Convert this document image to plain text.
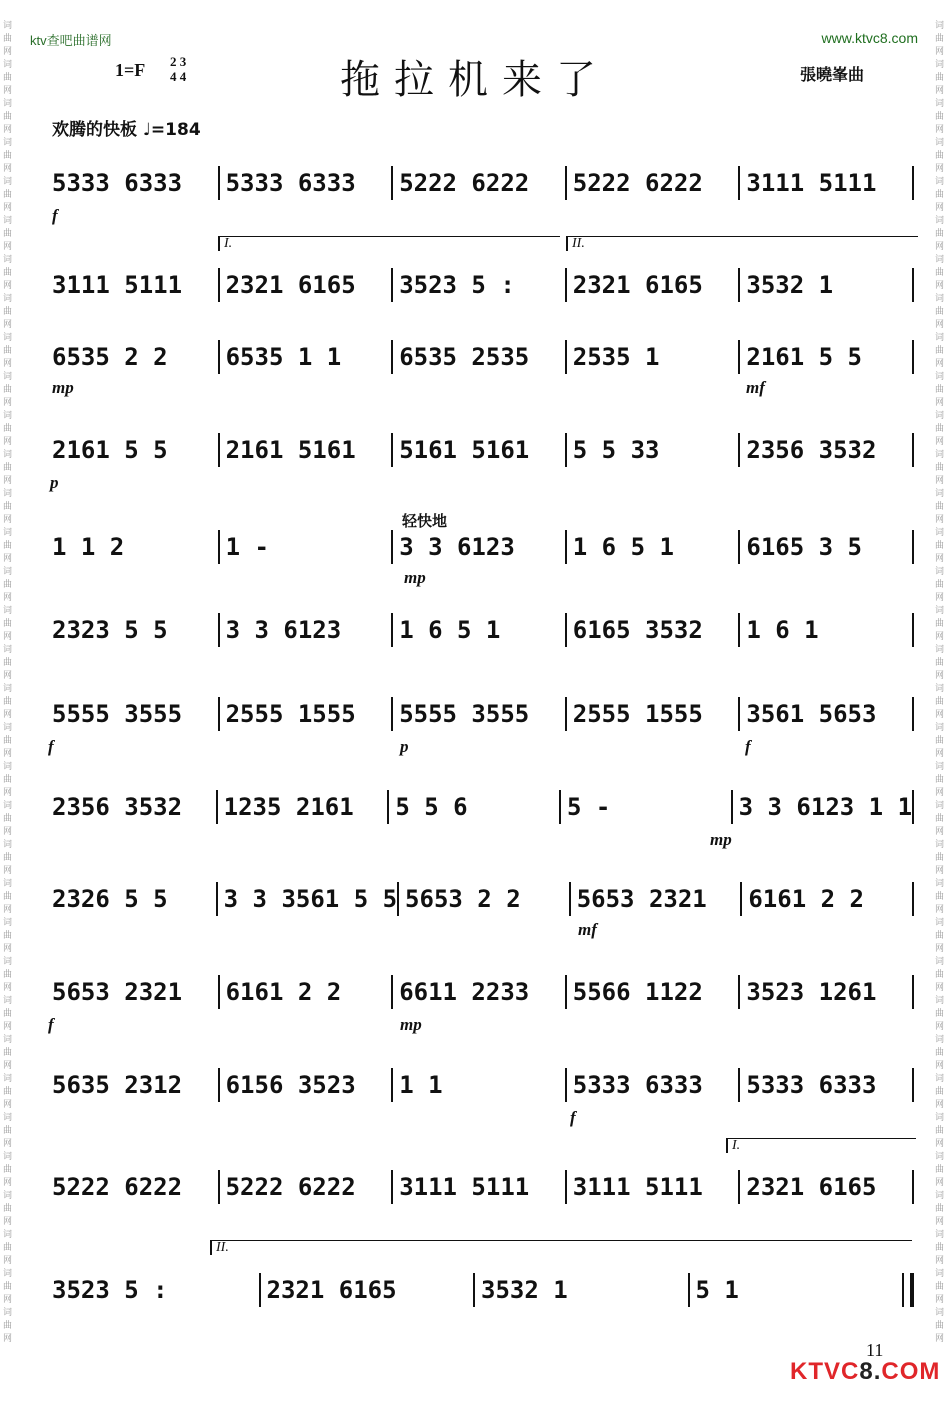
ktv查吧曲谱网	www.ktvc8.com
词曲网词曲网词曲网词曲网词曲网词曲网词曲网词曲网词曲网词曲网词曲网词曲网词曲网词曲网词曲网词曲网词曲网词曲网词曲网词曲网词曲网词曲网词曲网词曲网词曲网词曲网词曲网词曲网词曲网词曲网词曲网词曲网词曲网词曲网
词曲网词曲网词曲网词曲网词曲网词曲网词曲网词曲网词曲网词曲网词曲网词曲网词曲网词曲网词曲网词曲网词曲网词曲网词曲网词曲网词曲网词曲网词曲网词曲网词曲网词曲网词曲网词曲网词曲网词曲网词曲网词曲网词曲网词曲网
1=F 2 3
4 4	拖拉机来了	張曉峯曲
欢腾的快板 ♩=184
5333 6333	5333 6333	5222 6222	5222 6222	3111 5111
f
3111 5111	2321 6165	3523 5 :	2321 6165	3532 1
6535 2 2	6535 1 1	6535 2535	2535 1	2161 5 5
mp	mf
2161 5 5	2161 5161	5161 5161	5 5 33	2356 3532
p
1 1 2	1 -	3 3 6123	1 6 5 1	6165 3 5
mp
2323 5 5	3 3 6123	1 6 5 1	6165 3532	1 6 1
5555 3555	2555 1555	5555 3555	2555 1555	3561 5653
f	p	f
2356 3532	1235 2161	5 5 6	5 -	3 3 6123 1 1
mp
2326 5 5	3 3 3561 5 5 5653 2 2	5653 2321	6161 2 2
mf
5653 2321	6161 2 2	6611 2233	5566 1122	3523 1261
f	mp
5635 2312	6156 3523	1 1	5333 6333	5333 6333
f
5222 6222	5222 6222	3111 5111	3111 5111	2321 6165
3523 5 :	2321 6165	3532 1	5 1
轻快地
I.	II.
I.
II.
11
KTVC8.COM
